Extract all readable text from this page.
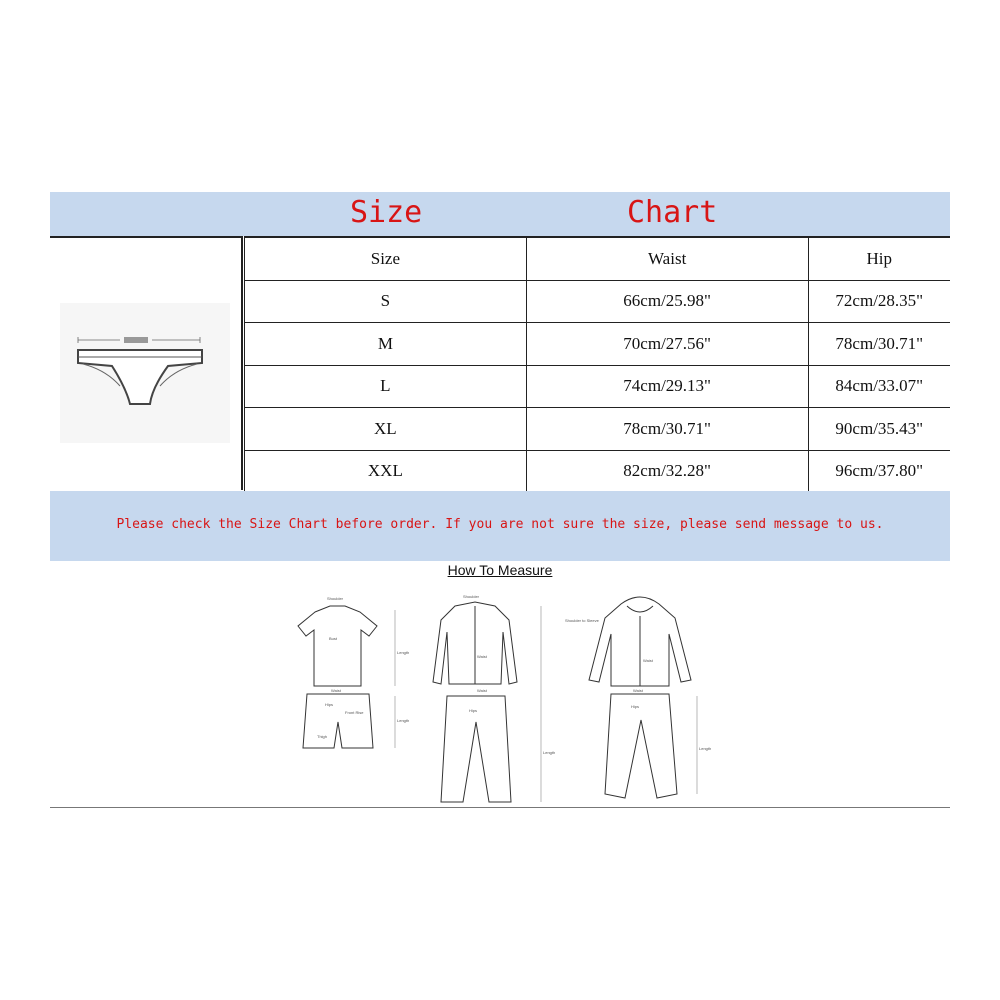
Size	Chart
Size	Waist	Hip
S	66cm/25.98"	72cm/28.35"
M	70cm/27.56"	78cm/30.71"
L	74cm/29.13"	84cm/33.07"
XL	78cm/30.71"	90cm/35.43"
XXL	82cm/32.28"	96cm/37.80"
Please check the Size Chart before order. If you are not sure the size, please send message to us.
How To Measure
Shoulder
Bust
Length
Waist
Hips
Front Rise
Thigh
Length
Shoulder
Waist
Waist
Hips
Length
Shoulder to Sleeve
Waist
Waist
Hips
Length
